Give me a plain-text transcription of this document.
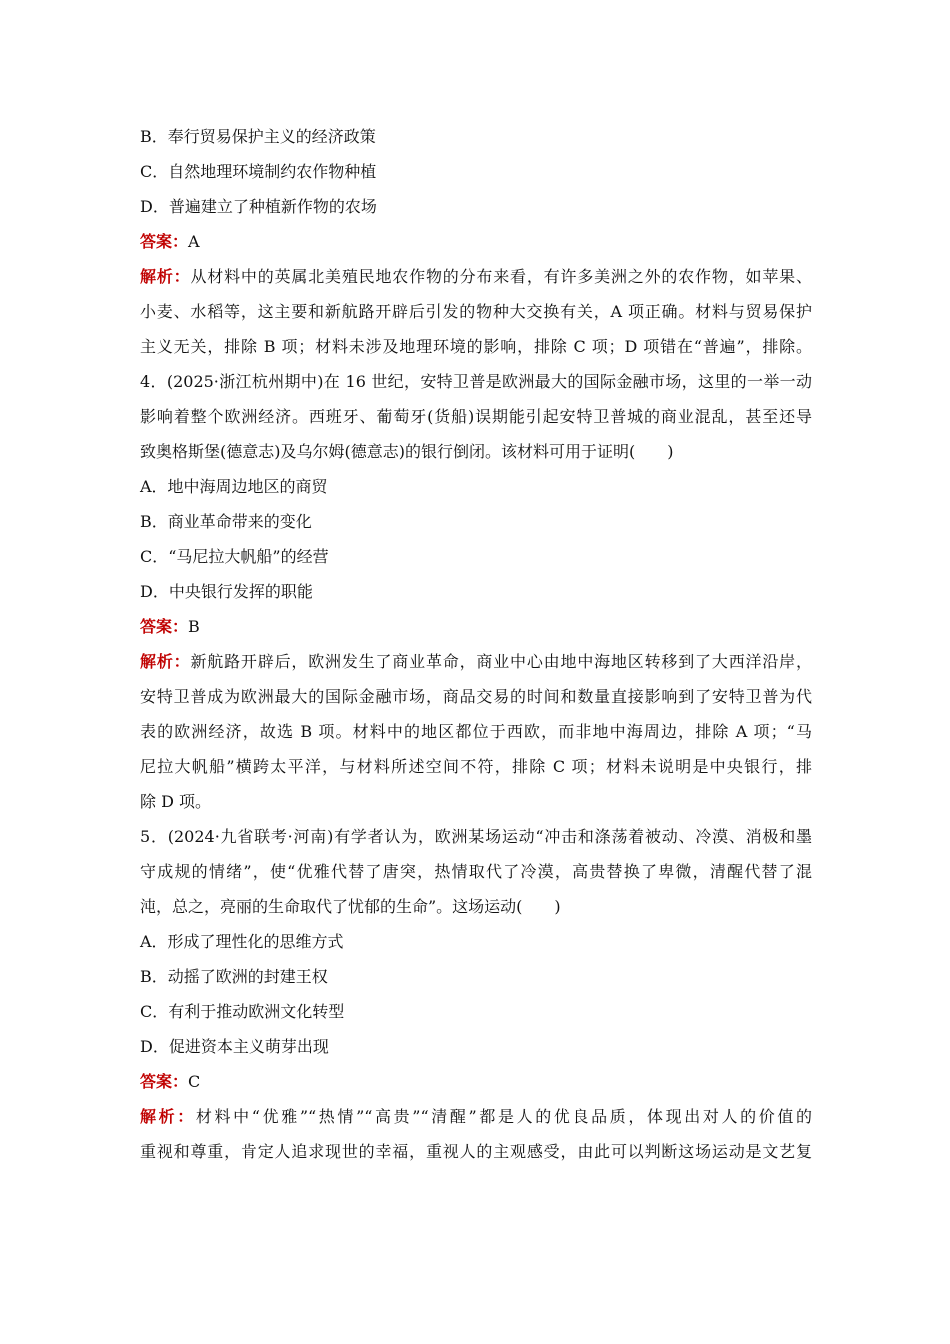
B．奉行贸易保护主义的经济政策
C．自然地理环境制约农作物种植
D．普遍建立了种植新作物的农场
答案：A
解析：从材料中的英属北美殖民地农作物的分布来看，有许多美洲之外的农作物，如苹果、
小麦、水稻等，这主要和新航路开辟后引发的物种大交换有关，A 项正确。材料与贸易保护
主义无关，排除 B 项；材料未涉及地理环境的影响，排除 C 项；D 项错在“普遍”，排除。
4．(2025·浙江杭州期中)在 16 世纪，安特卫普是欧洲最大的国际金融市场，这里的一举一动
影响着整个欧洲经济。西班牙、葡萄牙(货船)误期能引起安特卫普城的商业混乱，甚至还导
致奥格斯堡(德意志)及乌尔姆(德意志)的银行倒闭。该材料可用于证明(　　)
A．地中海周边地区的商贸
B．商业革命带来的变化
C．“马尼拉大帆船”的经营
D．中央银行发挥的职能
答案：B
解析：新航路开辟后，欧洲发生了商业革命，商业中心由地中海地区转移到了大西洋沿岸，
安特卫普成为欧洲最大的国际金融市场，商品交易的时间和数量直接影响到了安特卫普为代
表的欧洲经济，故选 B 项。材料中的地区都位于西欧，而非地中海周边，排除 A 项；“马
尼拉大帆船”横跨太平洋，与材料所述空间不符，排除 C 项；材料未说明是中央银行，排
除 D 项。
5．(2024·九省联考·河南)有学者认为，欧洲某场运动“冲击和涤荡着被动、冷漠、消极和墨
守成规的情绪”，使“优雅代替了唐突，热情取代了冷漠，高贵替换了卑微，清醒代替了混
沌，总之，亮丽的生命取代了忧郁的生命”。这场运动(　　)
A．形成了理性化的思维方式
B．动摇了欧洲的封建王权
C．有利于推动欧洲文化转型
D．促进资本主义萌芽出现
答案：C
解析：材料中“优雅”“热情”“高贵”“清醒”都是人的优良品质，体现出对人的价值的
重视和尊重，肯定人追求现世的幸福，重视人的主观感受，由此可以判断这场运动是文艺复
